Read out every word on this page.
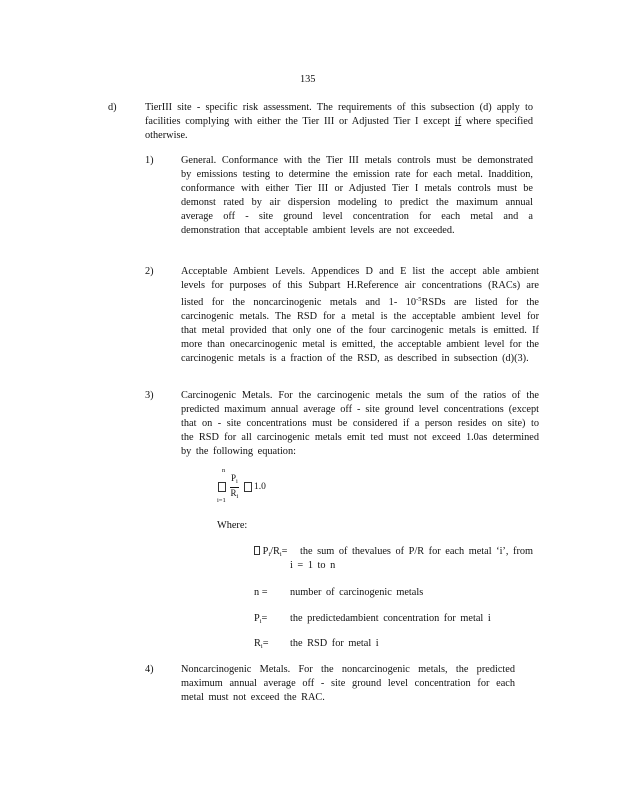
135
d)	TierIII site - specific risk assessment. The requirements of this subsection (d) apply to facilities complying with either the Tier III or Adjusted Tier I except if where specified otherwise.
1)	General. Conformance with the Tier III metals controls must be demonstrated by emissions testing to determine the emission rate for each metal. Inaddition, conformance with either Tier III or Adjusted Tier I metals controls must be demonst rated by air dispersion modeling to predict the maximum annual average off - site ground level concentration for each metal and a demonstration that acceptable ambient levels are not exceeded.
2)	Acceptable Ambient Levels. Appendices D and E list the accept able ambient levels for purposes of this Subpart H.Reference air concentrations (RACs) are listed for the noncarcinogenic metals and 1- $10^{-5}RSDs$ are listed for the carcinogenic metals. The RSD for a metal is the acceptable ambient level for that metal provided that only one of the four carcinogenic metals is emitted. If more than onecarcinogenic metal is emitted, the acceptable ambient level for the carcinogenic metals is a fraction of the RSD, as described in subsection (d)(3).
3)	Carcinogenic Metals. For the carcinogenic metals the sum of the ratios of the predicted maximum annual average off - site ground level concentrations (except that on - site concentrations must be considered if a person resides on site) to the RSD for all carcinogenic metals emit ted must not exceed 1.0as determined by the following equation:
n
$i=1 \frac{P_i}{R_i} 1.0$
Where:
$P_i/R_i=$	the sum of thevalues of P/R for each metal ‘i’, from i = 1 to n
n = number of carcinogenic metals
$P_i=$ the predictedambient concentration for metal i
$R_i=$ the RSD for metal i
4)	Noncarcinogenic Metals. For the noncarcinogenic metals, the predicted maximum annual average off - site ground level concentration for each metal must not exceed the RAC.
